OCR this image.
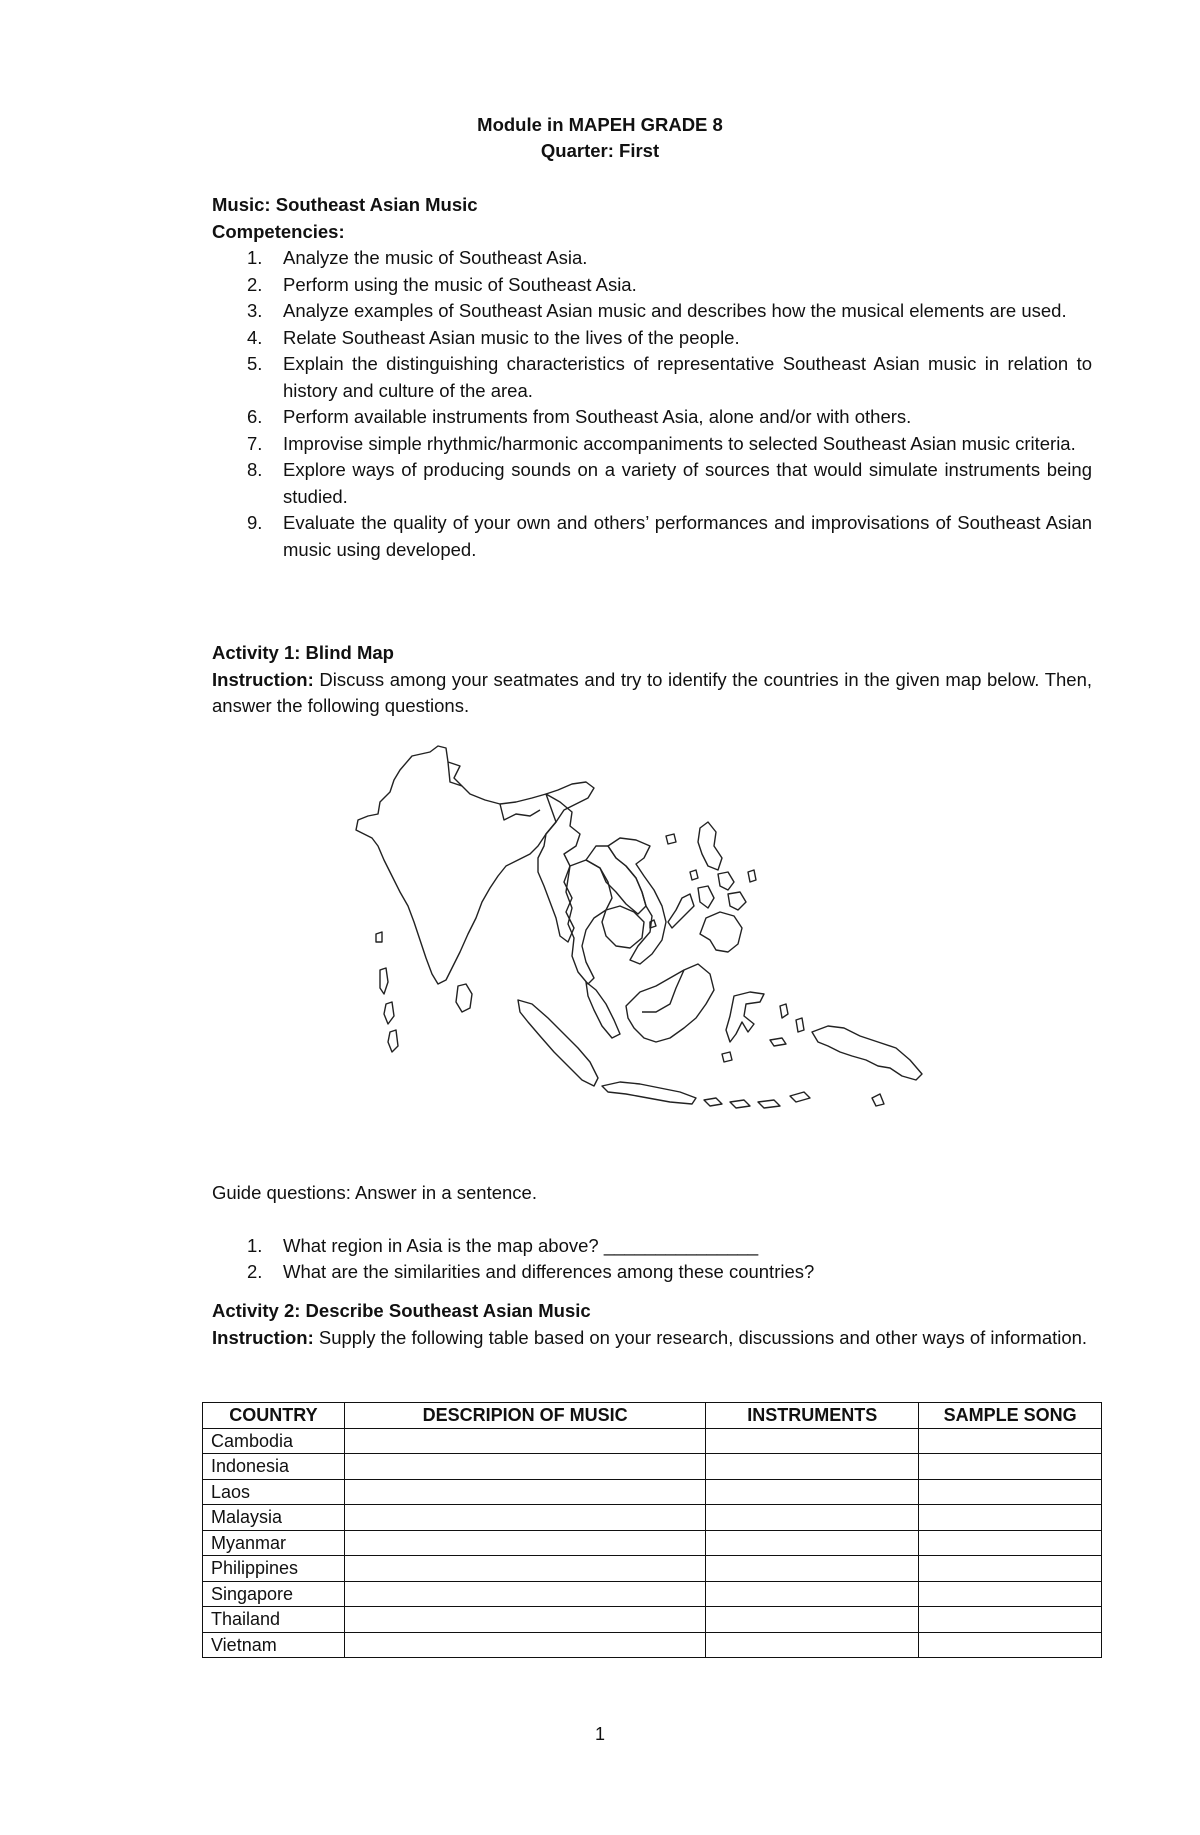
Module in MAPEH GRADE 8
Quarter: First

Music: Southeast Asian Music

Competencies:

1. Analyze the music of Southeast Asia.
2. Perform using the music of Southeast Asia.
3. Analyze examples of Southeast Asian music and describes how the musical elements are used.
4. Relate Southeast Asian music to the lives of the people.
5. Explain the distinguishing characteristics of representative Southeast Asian music in relation to history and culture of the area.
6. Perform available instruments from Southeast Asia, alone and/or with others.
7. Improvise simple rhythmic/harmonic accompaniments to selected Southeast Asian music criteria.
8. Explore ways of producing sounds on a variety of sources that would simulate instruments being studied.
9. Evaluate the quality of your own and others’ performances and improvisations of Southeast Asian music using developed.

Activity 1: Blind Map

Instruction: Discuss among your seatmates and try to identify the countries in the given map below. Then, answer the following questions.

Guide questions: Answer in a sentence.

1. What region in Asia is the map above? _______________
2. What are the similarities and differences among these countries?

Activity 2: Describe Southeast Asian Music

Instruction: Supply the following table based on your research, discussions and other ways of information.

COUNTRY	DESCRIPION OF MUSIC	INSTRUMENTS	SAMPLE SONG
Cambodia			
Indonesia			
Laos			
Malaysia			
Myanmar			
Philippines			
Singapore			
Thailand			
Vietnam			
1
